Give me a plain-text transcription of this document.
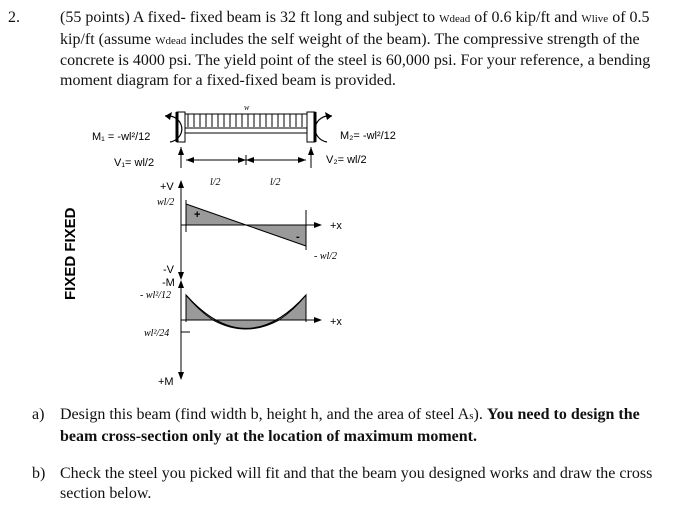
2.	(55 points) A fixed- fixed beam is 32 ft long and subject to Wdead of 0.6 kip/ft and Wlive of 0.5 kip/ft (assume Wdead includes the self weight of the beam). The compressive strength of the concrete is 4000 psi. The yield point of the steel is 60,000 psi. For your reference, a bending moment diagram for a fixed-fixed beam is provided.
FIXED FIXED
w
M₁ = -wl²/12	M₂= -wl²/12
V₁= wl/2	V₂= wl/2
l/2	l/2
+
-
+V
wl/2
+x
- wl/2
-V
-M
- wl²/12
+x
wl²/24
+M
a) Design this beam (find width b, height h, and the area of steel As). You need to design the beam cross-section only at the location of maximum moment.
b) Check the steel you picked will fit and that the beam you designed works and draw the cross section below.
